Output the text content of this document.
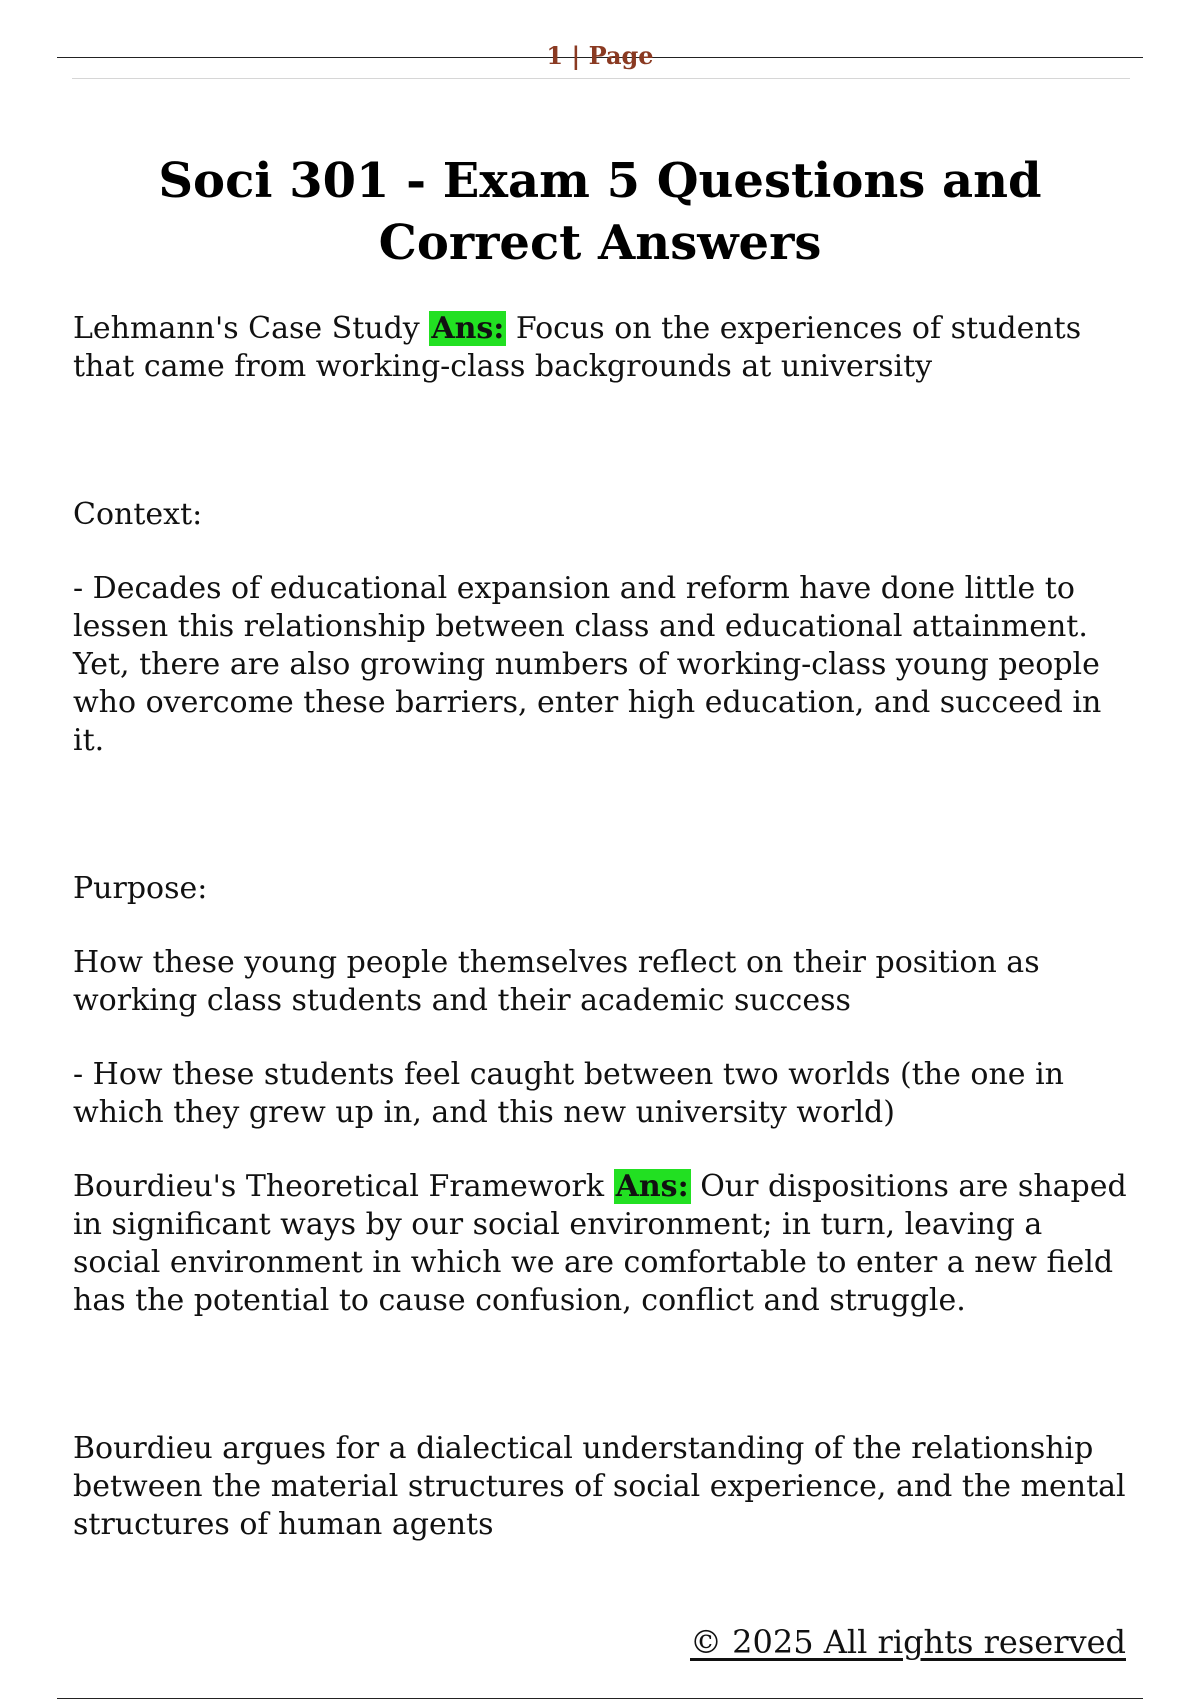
1 | Page
Soci 301 - Exam 5 Questions and Correct Answers

Lehmann's Case Study Ans: Focus on the experiences of students that came from working-class backgrounds at university

Context:

- Decades of educational expansion and reform have done little to lessen this relationship between class and educational attainment. Yet, there are also growing numbers of working-class young people who overcome these barriers, enter high education, and succeed in it.

Purpose:

How these young people themselves reflect on their position as working class students and their academic success

- How these students feel caught between two worlds (the one in which they grew up in, and this new university world)

Bourdieu's Theoretical Framework Ans: Our dispositions are shaped in significant ways by our social environment; in turn, leaving a social environment in which we are comfortable to enter a new field has the potential to cause confusion, conflict and struggle.

Bourdieu argues for a dialectical understanding of the relationship between the material structures of social experience, and the mental structures of human agents

© 2025 All rights reserved
